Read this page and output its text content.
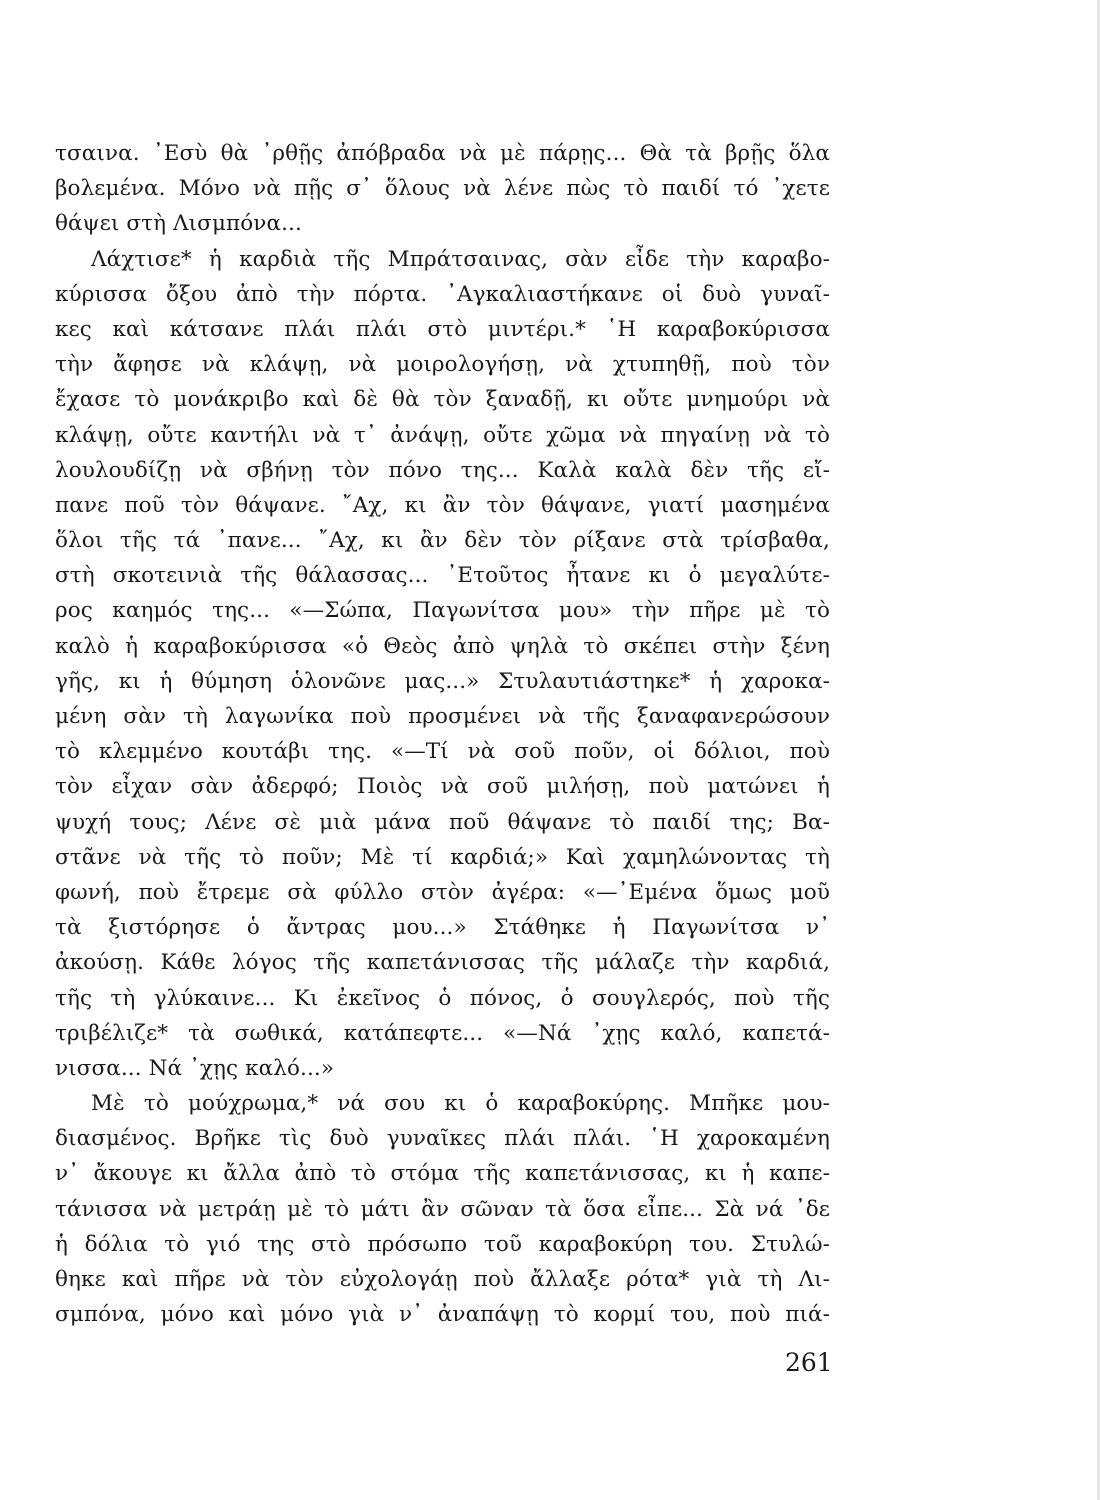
τσαινα. ᾽Εσὺ θὰ ᾽ρθῇς ἀπόβραδα νὰ μὲ πάρῃς... Θὰ τὰ βρῇς ὅλα
βολεμένα. Μόνο νὰ πῇς σ᾽ ὅλους νὰ λένε πὼς τὸ παιδί τό ᾽χετε
θάψει στὴ Λισμπόνα...
Λάχτισε* ἡ καρδιὰ τῆς Μπράτσαινας, σὰν εἶδε τὴν καραβο-
κύρισσα ὄξου ἀπὸ τὴν πόρτα. ᾽Αγκαλιαστήκανε οἱ δυὸ γυναῖ-
κες καὶ κάτσανε πλάι πλάι στὸ μιντέρι.* ῾Η καραβοκύρισσα
τὴν ἄφησε νὰ κλάψῃ, νὰ μοιρολογήσῃ, νὰ χτυπηθῇ, ποὺ τὸν
ἔχασε τὸ μονάκριβο καὶ δὲ θὰ τὸν ξαναδῇ, κι οὔτε μνημούρι νὰ
κλάψῃ, οὔτε καντήλι νὰ τ᾽ ἀνάψῃ, οὔτε χῶμα νὰ πηγαίνῃ νὰ τὸ
λουλουδίζῃ νὰ σβήνῃ τὸν πόνο της... Καλὰ καλὰ δὲν τῆς εἴ-
πανε ποῦ τὸν θάψανε. ῎Αχ, κι ἂν τὸν θάψανε, γιατί μασημένα
ὅλοι τῆς τά ᾽πανε... ῎Αχ, κι ἂν δὲν τὸν ρίξανε στὰ τρίσβαθα,
στὴ σκοτεινιὰ τῆς θάλασσας... ᾽Ετοῦτος ἦτανε κι ὁ μεγαλύτε-
ρος καημός της... «—Σώπα, Παγωνίτσα μου» τὴν πῆρε μὲ τὸ
καλὸ ἡ καραβοκύρισσα «ὁ Θεὸς ἀπὸ ψηλὰ τὸ σκέπει στὴν ξένη
γῆς, κι ἡ θύμηση ὁλονῶνε μας...» Στυλαυτιάστηκε* ἡ χαροκα-
μένη σὰν τὴ λαγωνίκα ποὺ προσμένει νὰ τῆς ξαναφανερώσουν
τὸ κλεμμένο κουτάβι της. «—Τί νὰ σοῦ ποῦν, οἱ δόλιοι, ποὺ
τὸν εἶχαν σὰν ἀδερφό; Ποιὸς νὰ σοῦ μιλήσῃ, ποὺ ματώνει ἡ
ψυχή τους; Λένε σὲ μιὰ μάνα ποῦ θάψανε τὸ παιδί της; Βα-
στᾶνε νὰ τῆς τὸ ποῦν; Μὲ τί καρδιά;» Καὶ χαμηλώνοντας τὴ
φωνή, ποὺ ἔτρεμε σὰ φύλλο στὸν ἀγέρα: «—᾽Εμένα ὅμως μοῦ
τὰ ξιστόρησε ὁ ἄντρας μου...» Στάθηκε ἡ Παγωνίτσα ν᾽
ἀκούσῃ. Κάθε λόγος τῆς καπετάνισσας τῆς μάλαζε τὴν καρδιά,
τῆς τὴ γλύκαινε... Κι ἐκεῖνος ὁ πόνος, ὁ σουγλερός, ποὺ τῆς
τριβέλιζε* τὰ σωθικά, κατάπεφτε... «—Νά ᾽χῃς καλό, καπετά-
νισσα... Νά ᾽χῃς καλό...»
Μὲ τὸ μούχρωμα,* νά σου κι ὁ καραβοκύρης. Μπῆκε μου-
διασμένος. Βρῆκε τὶς δυὸ γυναῖκες πλάι πλάι. ῾Η χαροκαμένη
ν᾽ ἄκουγε κι ἄλλα ἀπὸ τὸ στόμα τῆς καπετάνισσας, κι ἡ καπε-
τάνισσα νὰ μετράῃ μὲ τὸ μάτι ἂν σῶναν τὰ ὅσα εἶπε... Σὰ νά ᾽δε
ἡ δόλια τὸ γιό της στὸ πρόσωπο τοῦ καραβοκύρη του. Στυλώ-
θηκε καὶ πῆρε νὰ τὸν εὐχολογάῃ ποὺ ἄλλαξε ρότα* γιὰ τὴ Λι-
σμπόνα, μόνο καὶ μόνο γιὰ ν᾽ ἀναπάψῃ τὸ κορμί του, ποὺ πιά-
261
